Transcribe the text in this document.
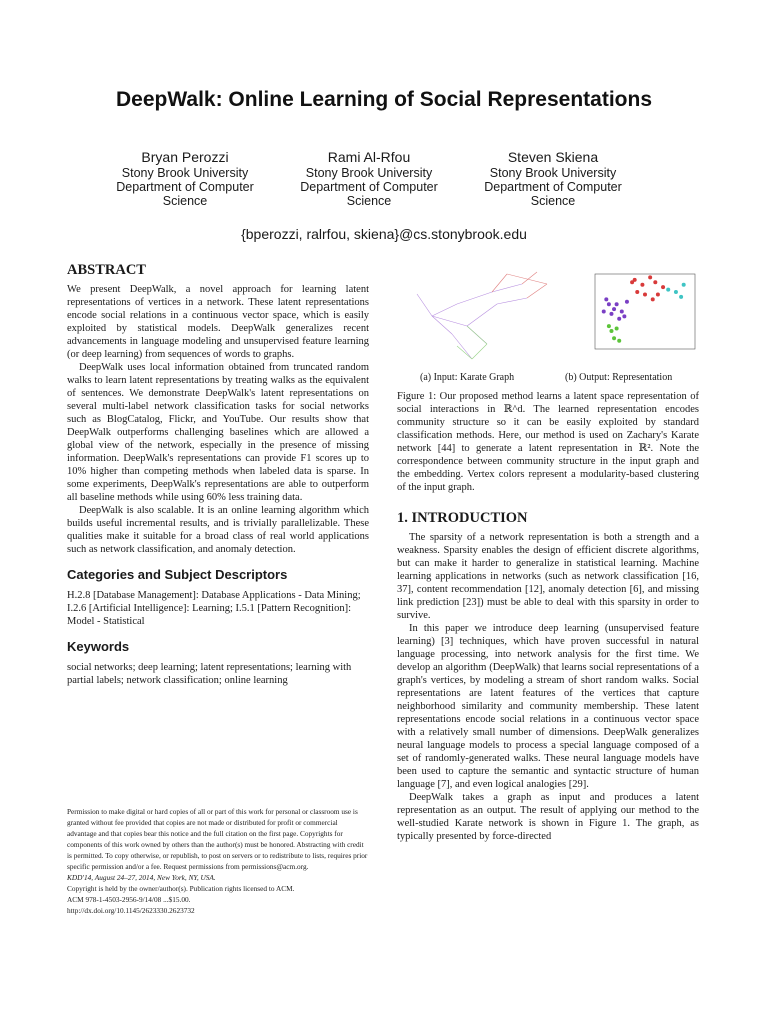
DeepWalk: Online Learning of Social Representations
Bryan Perozzi
Stony Brook University
Department of Computer
Science
Rami Al-Rfou
Stony Brook University
Department of Computer
Science
Steven Skiena
Stony Brook University
Department of Computer
Science
{bperozzi, ralrfou, skiena}@cs.stonybrook.edu
ABSTRACT

We present DeepWalk, a novel approach for learning latent representations of vertices in a network. These latent representations encode social relations in a continuous vector space, which is easily exploited by statistical models. DeepWalk generalizes recent advancements in language modeling and unsupervised feature learning (or deep learning) from sequences of words to graphs.

DeepWalk uses local information obtained from truncated random walks to learn latent representations by treating walks as the equivalent of sentences. We demonstrate DeepWalk's latent representations on several multi-label network classification tasks for social networks such as BlogCatalog, Flickr, and YouTube. Our results show that DeepWalk outperforms challenging baselines which are allowed a global view of the network, especially in the presence of missing information. DeepWalk's representations can provide F1 scores up to 10% higher than competing methods when labeled data is sparse. In some experiments, DeepWalk's representations are able to outperform all baseline methods while using 60% less training data.

DeepWalk is also scalable. It is an online learning algorithm which builds useful incremental results, and is trivially parallelizable. These qualities make it suitable for a broad class of real world applications such as network classification, and anomaly detection.

Categories and Subject Descriptors

H.2.8 [Database Management]: Database Applications - Data Mining; I.2.6 [Artificial Intelligence]: Learning; I.5.1 [Pattern Recognition]: Model - Statistical

Keywords

social networks; deep learning; latent representations; learning with partial labels; network classification; online learning

Permission to make digital or hard copies of all or part of this work for personal or classroom use is granted without fee provided that copies are not made or distributed for profit or commercial advantage and that copies bear this notice and the full citation on the first page. Copyrights for components of this work owned by others than the author(s) must be honored. Abstracting with credit is permitted. To copy otherwise, or republish, to post on servers or to redistribute to lists, requires prior specific permission and/or a fee. Request permissions from permissions@acm.org.

KDD'14, August 24–27, 2014, New York, NY, USA.

Copyright is held by the owner/author(s). Publication rights licensed to ACM.

ACM 978-1-4503-2956-9/14/08 ...$15.00.

http://dx.doi.org/10.1145/2623330.2623732

(a) Input: Karate Graph	(b) Output: Representation

Figure 1: Our proposed method learns a latent space representation of social interactions in ℝ^d. The learned representation encodes community structure so it can be easily exploited by standard classification methods. Here, our method is used on Zachary's Karate network [44] to generate a latent representation in ℝ². Note the correspondence between community structure in the input graph and the embedding. Vertex colors represent a modularity-based clustering of the input graph.

1. INTRODUCTION

The sparsity of a network representation is both a strength and a weakness. Sparsity enables the design of efficient discrete algorithms, but can make it harder to generalize in statistical learning. Machine learning applications in networks (such as network classification [16, 37], content recommendation [12], anomaly detection [6], and missing link prediction [23]) must be able to deal with this sparsity in order to survive.

In this paper we introduce deep learning (unsupervised feature learning) [3] techniques, which have proven successful in natural language processing, into network analysis for the first time. We develop an algorithm (DeepWalk) that learns social representations of a graph's vertices, by modeling a stream of short random walks. Social representations are latent features of the vertices that capture neighborhood similarity and community membership. These latent representations encode social relations in a continuous vector space with a relatively small number of dimensions. DeepWalk generalizes neural language models to process a special language composed of a set of randomly-generated walks. These neural language models have been used to capture the semantic and syntactic structure of human language [7], and even logical analogies [29].

DeepWalk takes a graph as input and produces a latent representation as an output. The result of applying our method to the well-studied Karate network is shown in Figure 1. The graph, as typically presented by force-directed
